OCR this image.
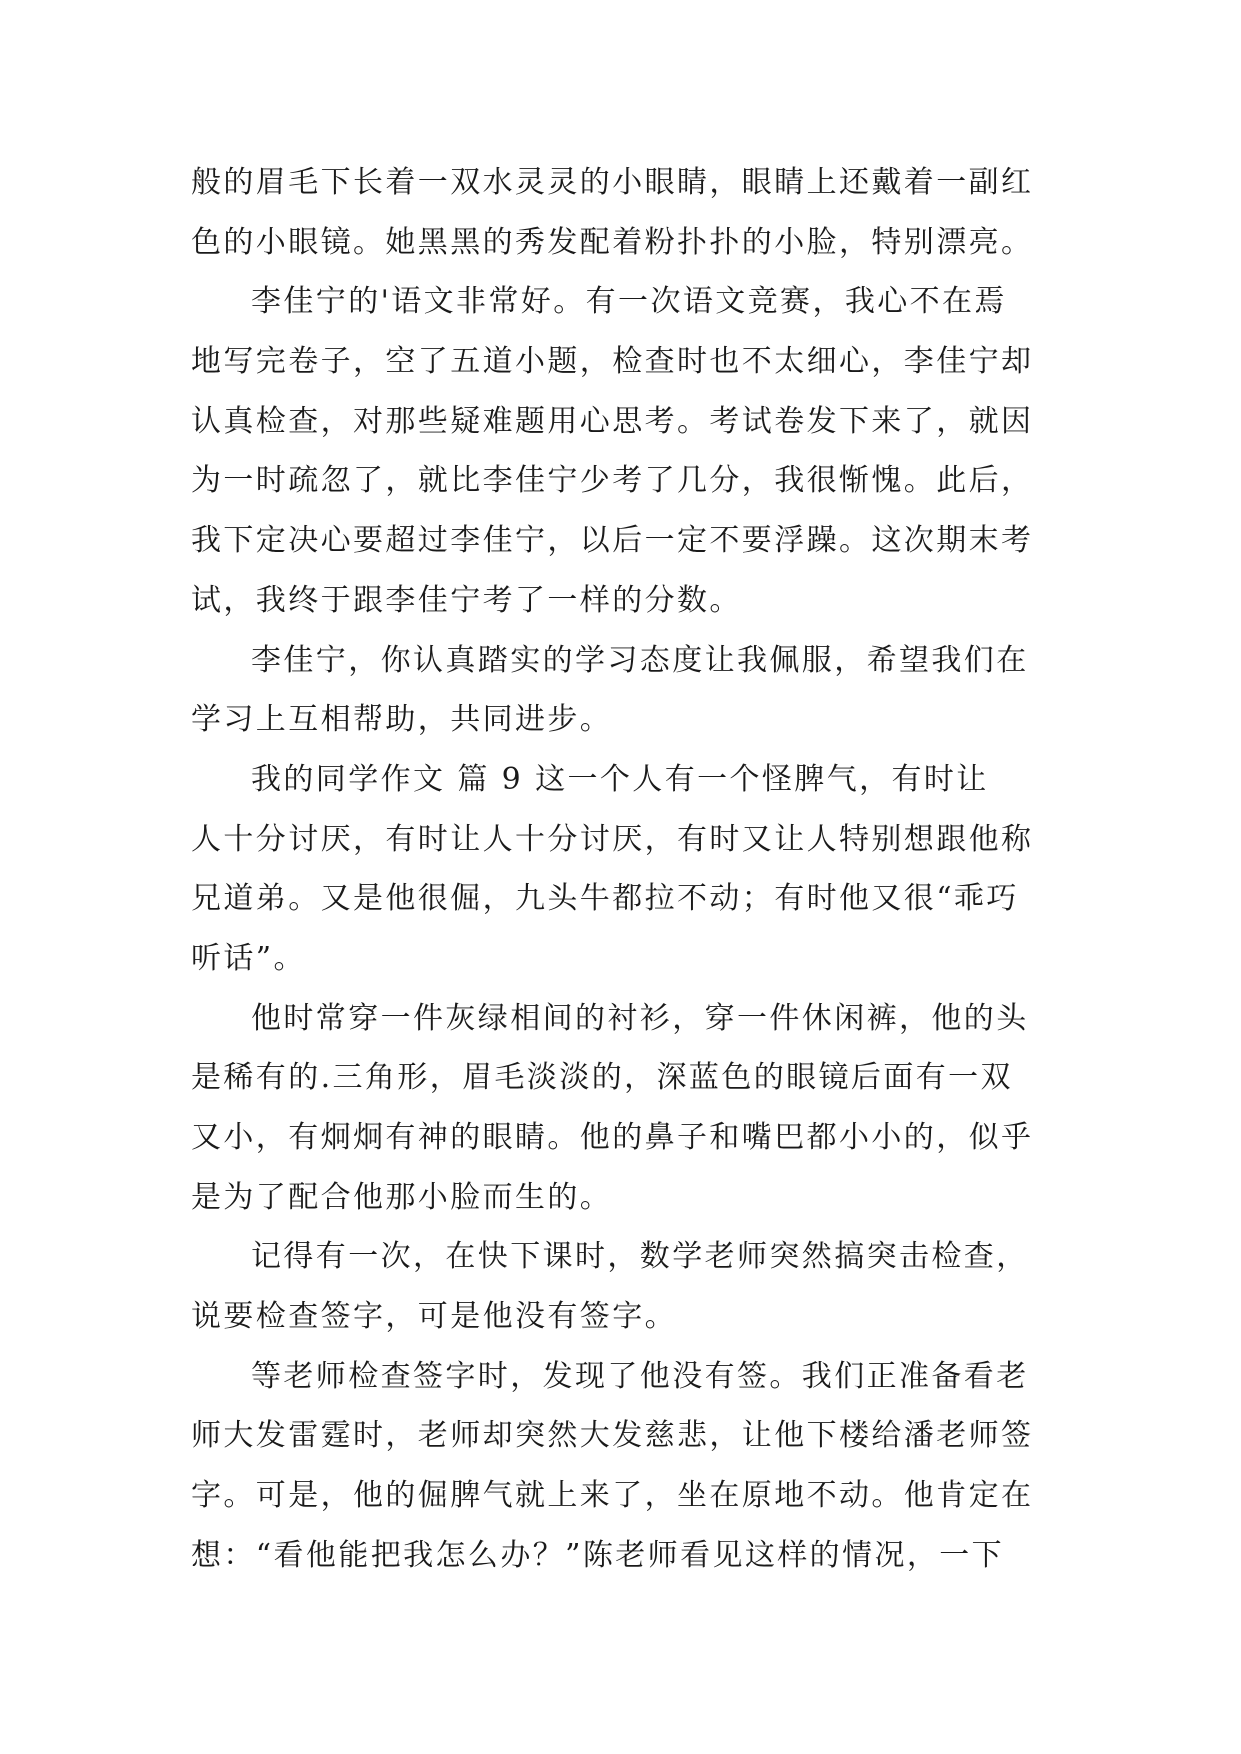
般的眉毛下长着一双水灵灵的小眼睛，眼睛上还戴着一副红
色的小眼镜。她黑黑的秀发配着粉扑扑的小脸，特别漂亮。
李佳宁的'语文非常好。有一次语文竞赛，我心不在焉
地写完卷子，空了五道小题，检查时也不太细心，李佳宁却
认真检查，对那些疑难题用心思考。考试卷发下来了，就因
为一时疏忽了，就比李佳宁少考了几分，我很惭愧。此后，
我下定决心要超过李佳宁，以后一定不要浮躁。这次期末考
试，我终于跟李佳宁考了一样的分数。
李佳宁，你认真踏实的学习态度让我佩服，希望我们在
学习上互相帮助，共同进步。
我的同学作文 篇 9 这一个人有一个怪脾气，有时让
人十分讨厌，有时让人十分讨厌，有时又让人特别想跟他称
兄道弟。又是他很倔，九头牛都拉不动；有时他又很“乖巧
听话”。
他时常穿一件灰绿相间的衬衫，穿一件休闲裤，他的头
是稀有的.三角形，眉毛淡淡的，深蓝色的眼镜后面有一双
又小，有炯炯有神的眼睛。他的鼻子和嘴巴都小小的，似乎
是为了配合他那小脸而生的。
记得有一次，在快下课时，数学老师突然搞突击检查，
说要检查签字，可是他没有签字。
等老师检查签字时，发现了他没有签。我们正准备看老
师大发雷霆时，老师却突然大发慈悲，让他下楼给潘老师签
字。可是，他的倔脾气就上来了，坐在原地不动。他肯定在
想：“看他能把我怎么办？”陈老师看见这样的情况，一下
